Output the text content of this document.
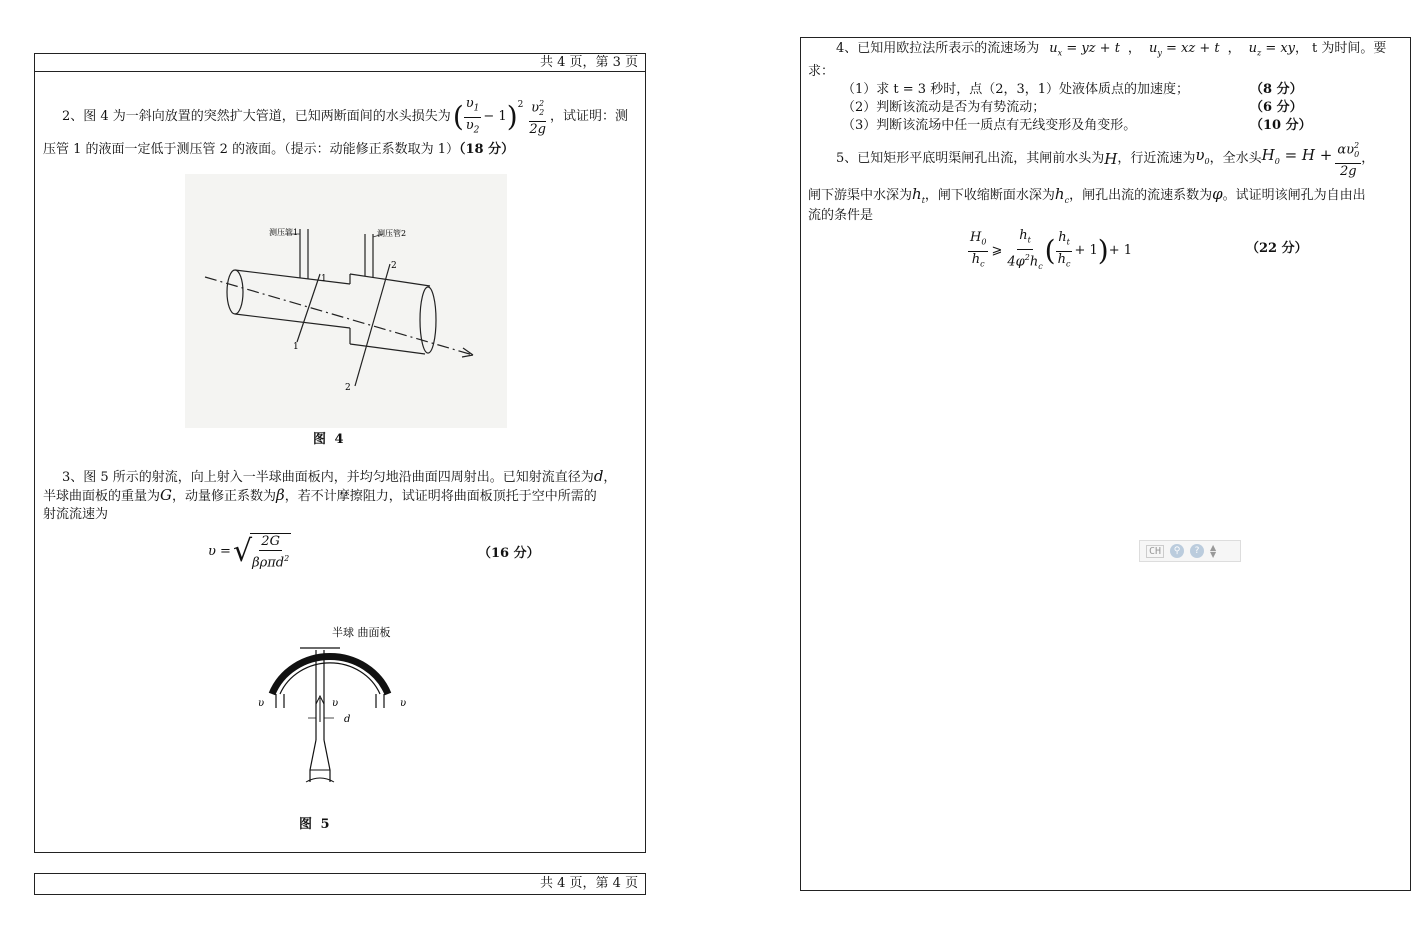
共 4 页，第 3 页
2、图 4 为一斜向放置的突然扩大管道，已知两断面间的水头损失为 ( $\frac{\upsilon_1}{\upsilon_2} - 1$ )$^2 \frac{\upsilon^2_2}{2g}$ ，试证明：测
压管 1 的液面一定低于测压管 2 的液面。（提示：动能修正系数取为 1）（18 分）
测压管1	测压管2
1
1
2
2
图 4
3、图 5 所示的射流，向上射入一半球曲面板内，并均匀地沿曲面四周射出。已知射流直径为d，
半球曲面板的重量为G，动量修正系数为β，若不计摩擦阻力，试证明将曲面板顶托于空中所需的
射流流速为
υ = √
$\frac{2G}{\beta\rho\pi d^2}$	（16 分）
半球 曲面板
υ	υ
υ
d
图 5
共 4 页，第 4 页
4、已知用欧拉法所表示的流速场为 $u_x$ = yz + t ， $u_y$ = xz + t ， $u_z$ = xy ， t 为时间。要
求：
（1）求 t = 3 秒时，点（2，3，1）处液体质点的加速度；	（8 分）
（2）判断该流动是否为有势流动；	（6 分）
（3）判断该流场中任一质点有无线变形及角变形。	（10 分）
5、已知矩形平底明渠闸孔出流，其闸前水头为 H ，行近流速为 $\upsilon_0$ ，全水头 $H_0 = H + \frac{\alpha\upsilon^2_0}{2g}$ ，
闸下游渠中水深为$h_t$，闸下收缩断面水深为$h_c$，闸孔出流的流速系数为φ。试证明该闸孔为自由出
流的条件是
$\frac{H_0}{h_c}$ ⩾ $\frac{h_t}{4\varphi^2h_c}$ ( $\frac{h_t}{h_c} + 1$ ) + 1	（22 分）
CH	⚲	?	▲
▼
